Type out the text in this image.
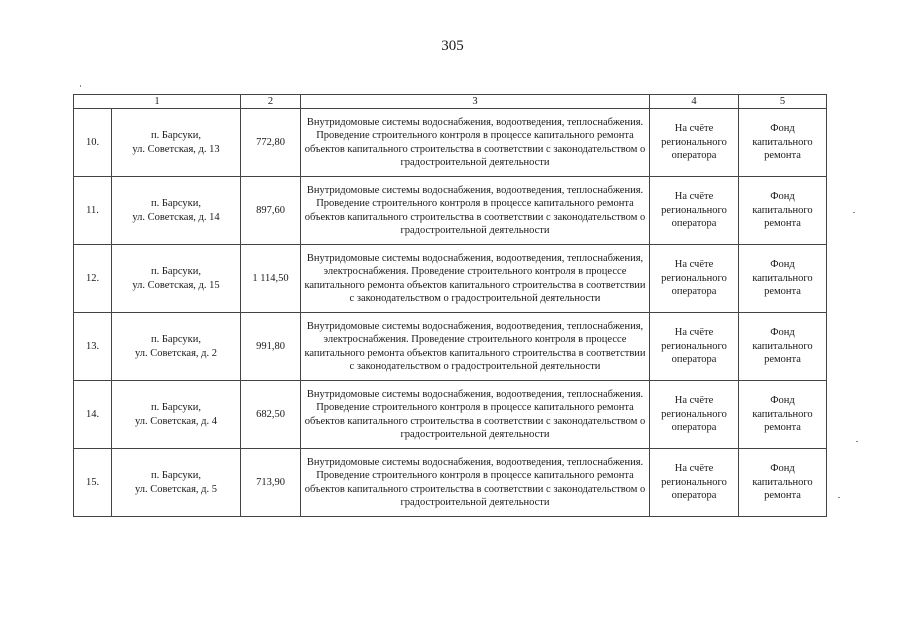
305
1		2	3	4	5
10.	п. Барсуки,
ул. Советская, д. 13	772,80	Внутридомовые системы водоснабжения, водоотведения, теплоснабжения. Проведение строительного контроля в процессе капитального ремонта объектов капитального строительства в соответствии с законодательством о градостроительной деятельности	На счёте регионального оператора	Фонд капитального ремонта
11.	п. Барсуки,
ул. Советская, д. 14	897,60	Внутридомовые системы водоснабжения, водоотведения, теплоснабжения. Проведение строительного контроля в процессе капитального ремонта объектов капитального строительства в соответствии с законодательством о градостроительной деятельности	На счёте регионального оператора	Фонд капитального ремонта
12.	п. Барсуки,
ул. Советская, д. 15	1 114,50	Внутридомовые системы водоснабжения, водоотведения, теплоснабжения, электроснабжения. Проведение строительного контроля в процессе капитального ремонта объектов капитального строительства в соответствии с законодательством о градостроительной деятельности	На счёте регионального оператора	Фонд капитального ремонта
13.	п. Барсуки,
ул. Советская, д. 2	991,80	Внутридомовые системы водоснабжения, водоотведения, теплоснабжения, электроснабжения. Проведение строительного контроля в процессе капитального ремонта объектов капитального строительства в соответствии с законодательством о градостроительной деятельности	На счёте регионального оператора	Фонд капитального ремонта
14.	п. Барсуки,
ул. Советская, д. 4	682,50	Внутридомовые системы водоснабжения, водоотведения, теплоснабжения. Проведение строительного контроля в процессе капитального ремонта объектов капитального строительства в соответствии с законодательством о градостроительной деятельности	На счёте регионального оператора	Фонд капитального ремонта
15.	п. Барсуки,
ул. Советская, д. 5	713,90	Внутридомовые системы водоснабжения, водоотведения, теплоснабжения. Проведение строительного контроля в процессе капитального ремонта объектов капитального строительства в соответствии с законодательством о градостроительной деятельности	На счёте регионального оператора	Фонд капитального ремонта
